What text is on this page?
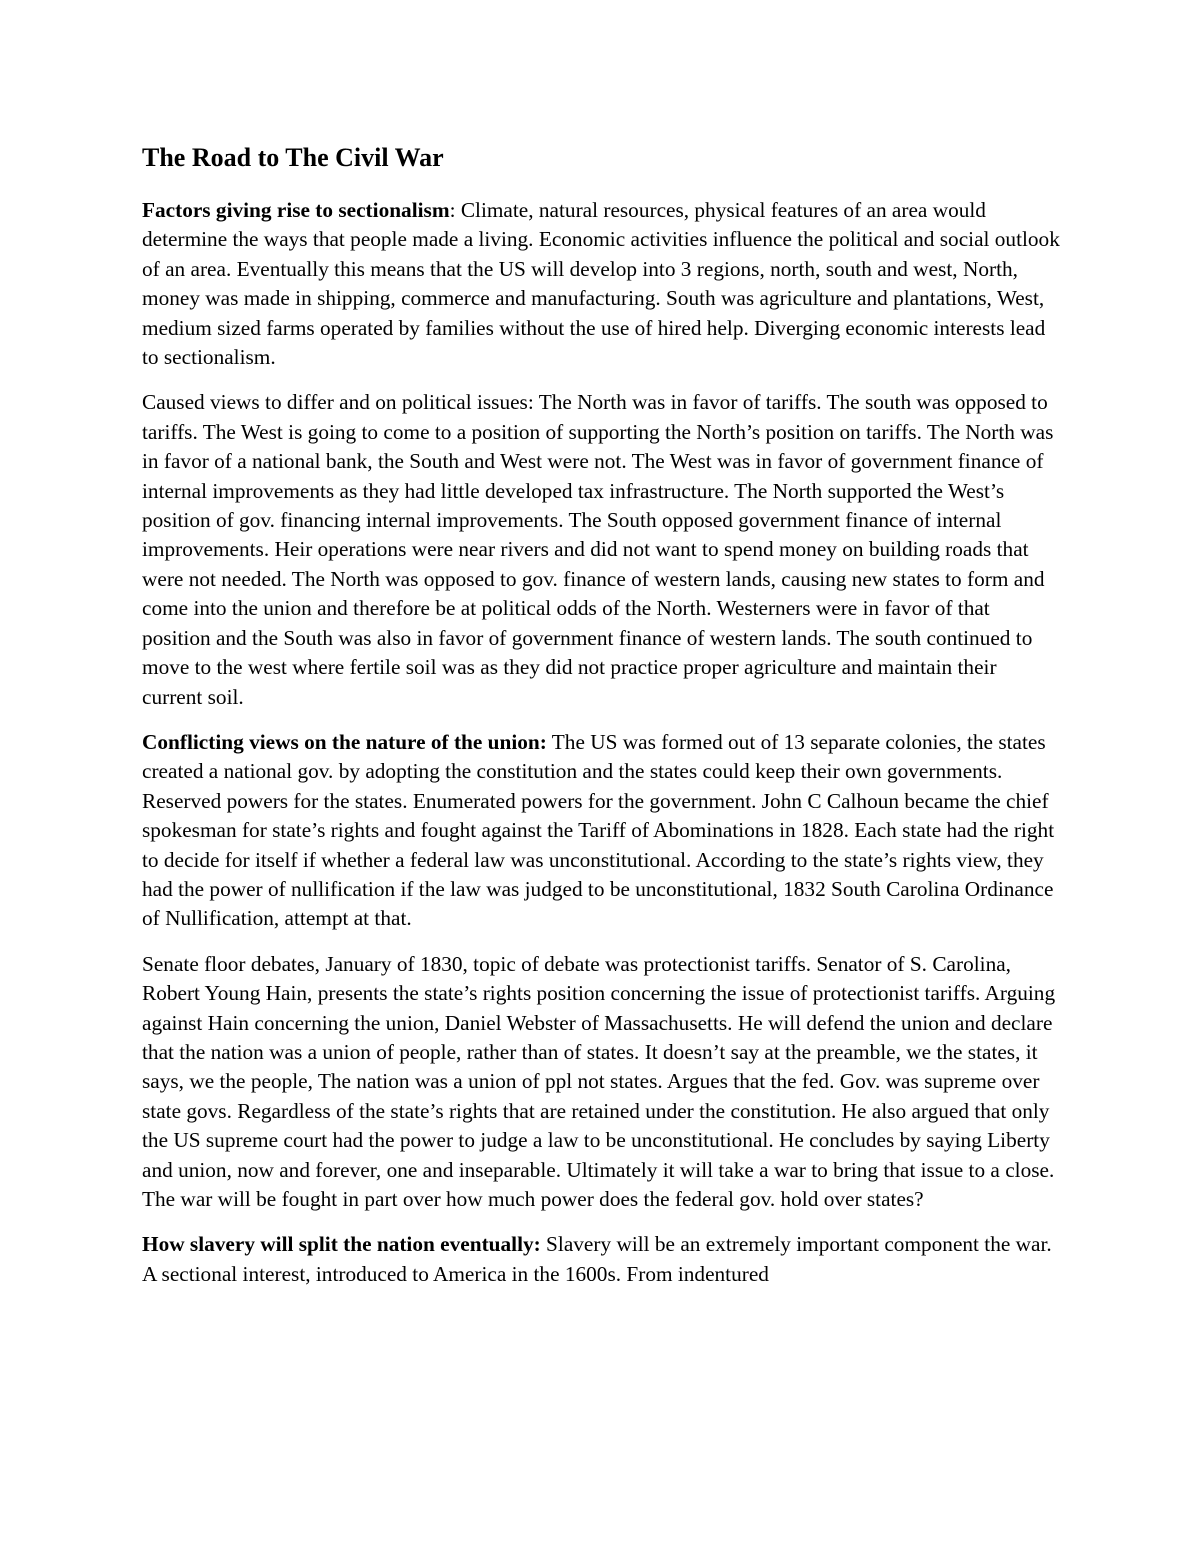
The Road to The Civil War

Factors giving rise to sectionalism: Climate, natural resources, physical features of an area would determine the ways that people made a living. Economic activities influence the political and social outlook of an area. Eventually this means that the US will develop into 3 regions, north, south and west, North, money was made in shipping, commerce and manufacturing. South was agriculture and plantations, West, medium sized farms operated by families without the use of hired help. Diverging economic interests lead to sectionalism.

Caused views to differ and on political issues: The North was in favor of tariffs. The south was opposed to tariffs. The West is going to come to a position of supporting the North’s position on tariffs. The North was in favor of a national bank, the South and West were not. The West was in favor of government finance of internal improvements as they had little developed tax infrastructure. The North supported the West’s position of gov. financing internal improvements. The South opposed government finance of internal improvements. Heir operations were near rivers and did not want to spend money on building roads that were not needed. The North was opposed to gov. finance of western lands, causing new states to form and come into the union and therefore be at political odds of the North. Westerners were in favor of that position and the South was also in favor of government finance of western lands. The south continued to move to the west where fertile soil was as they did not practice proper agriculture and maintain their current soil.

Conflicting views on the nature of the union: The US was formed out of 13 separate colonies, the states created a national gov. by adopting the constitution and the states could keep their own governments. Reserved powers for the states. Enumerated powers for the government. John C Calhoun became the chief spokesman for state’s rights and fought against the Tariff of Abominations in 1828. Each state had the right to decide for itself if whether a federal law was unconstitutional. According to the state’s rights view, they had the power of nullification if the law was judged to be unconstitutional, 1832 South Carolina Ordinance of Nullification, attempt at that.

Senate floor debates, January of 1830, topic of debate was protectionist tariffs. Senator of S. Carolina, Robert Young Hain, presents the state’s rights position concerning the issue of protectionist tariffs. Arguing against Hain concerning the union, Daniel Webster of Massachusetts. He will defend the union and declare that the nation was a union of people, rather than of states. It doesn’t say at the preamble, we the states, it says, we the people, The nation was a union of ppl not states. Argues that the fed. Gov. was supreme over state govs. Regardless of the state’s rights that are retained under the constitution. He also argued that only the US supreme court had the power to judge a law to be unconstitutional. He concludes by saying Liberty and union, now and forever, one and inseparable. Ultimately it will take a war to bring that issue to a close. The war will be fought in part over how much power does the federal gov. hold over states?

How slavery will split the nation eventually: Slavery will be an extremely important component the war. A sectional interest, introduced to America in the 1600s. From indentured
